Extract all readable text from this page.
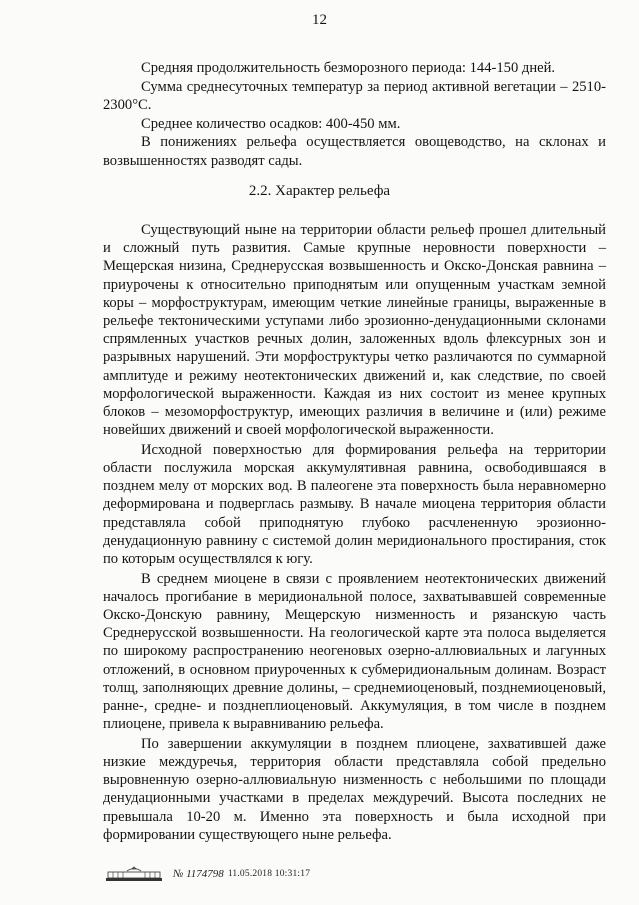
12

Средняя продолжительность безморозного периода: 144-150 дней.

Сумма среднесуточных температур за период активной вегетации – 2510-2300°С.

Среднее количество осадков: 400-450 мм.

В понижениях рельефа осуществляется овощеводство, на склонах и возвышенностях разводят сады.

2.2. Характер рельефа

Существующий ныне на территории области рельеф прошел длительный и сложный путь развития. Самые крупные неровности поверхности – Мещерская низина, Среднерусская возвышенность и Окско-Донская равнина – приурочены к относительно приподнятым или опущенным участкам земной коры – морфоструктурам, имеющим четкие линейные границы, выраженные в рельефе тектоническими уступами либо эрозионно-денудационными склонами спрямленных участков речных долин, заложенных вдоль флексурных зон и разрывных нарушений. Эти морфоструктуры четко различаются по суммарной амплитуде и режиму неотектонических движений и, как следствие, по своей морфологической выраженности. Каждая из них состоит из менее крупных блоков – мезоморфоструктур, имеющих различия в величине и (или) режиме новейших движений и своей морфологической выраженности.

Исходной поверхностью для формирования рельефа на территории области послужила морская аккумулятивная равнина, освободившаяся в позднем мелу от морских вод. В палеогене эта поверхность была неравномерно деформирована и подверглась размыву. В начале миоцена территория области представляла собой приподнятую глубоко расчлененную эрозионно-денудационную равнину с системой долин меридионального простирания, сток по которым осуществлялся к югу.

В среднем миоцене в связи с проявлением неотектонических движений началось прогибание в меридиональной полосе, захватывавшей современные Окско-Донскую равнину, Мещерскую низменность и рязанскую часть Среднерусской возвышенности. На геологической карте эта полоса выделяется по широкому распространению неогеновых озерно-аллювиальных и лагунных отложений, в основном приуроченных к субмеридиональным долинам. Возраст толщ, заполняющих древние долины, – среднемиоценовый, позднемиоценовый, ранне-, средне- и позднеплиоценовый. Аккумуляция, в том числе в позднем плиоцене, привела к выравниванию рельефа.

По завершении аккумуляции в позднем плиоцене, захватившей даже низкие междуречья, территория области представляла собой предельно выровненную озерно-аллювиальную низменность с небольшими по площади денудационными участками в пределах междуречий. Высота последних не превышала 10-20 м. Именно эта поверхность и была исходной при формировании существующего ныне рельефа.

№ 1174798 11.05.2018 10:31:17
